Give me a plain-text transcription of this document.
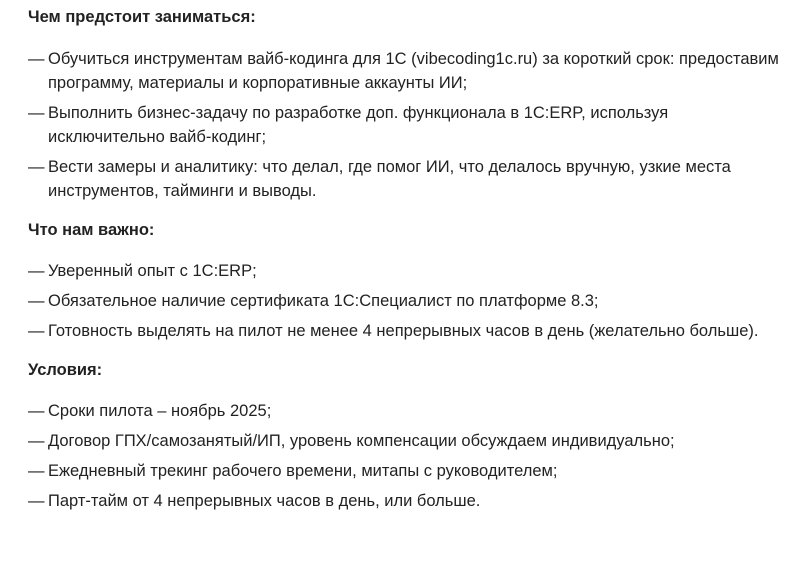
Чем предстоит заниматься:

— Обучиться инструментам вайб-кодинга для 1С (vibecoding1c.ru) за короткий срок: предоставим программу, материалы и корпоративные аккаунты ИИ;
— Выполнить бизнес-задачу по разработке доп. функционала в 1С:ERP, используя исключительно вайб-кодинг;
— Вести замеры и аналитику: что делал, где помог ИИ, что делалось вручную, узкие места инструментов, тайминги и выводы.

Что нам важно:

— Уверенный опыт с 1С:ERP;
— Обязательное наличие сертификата 1С:Специалист по платформе 8.3;
— Готовность выделять на пилот не менее 4 непрерывных часов в день (желательно больше).

Условия:

— Сроки пилота – ноябрь 2025;
— Договор ГПХ/самозанятый/ИП, уровень компенсации обсуждаем индивидуально;
— Ежедневный трекинг рабочего времени, митапы с руководителем;
— Парт-тайм от 4 непрерывных часов в день, или больше.
